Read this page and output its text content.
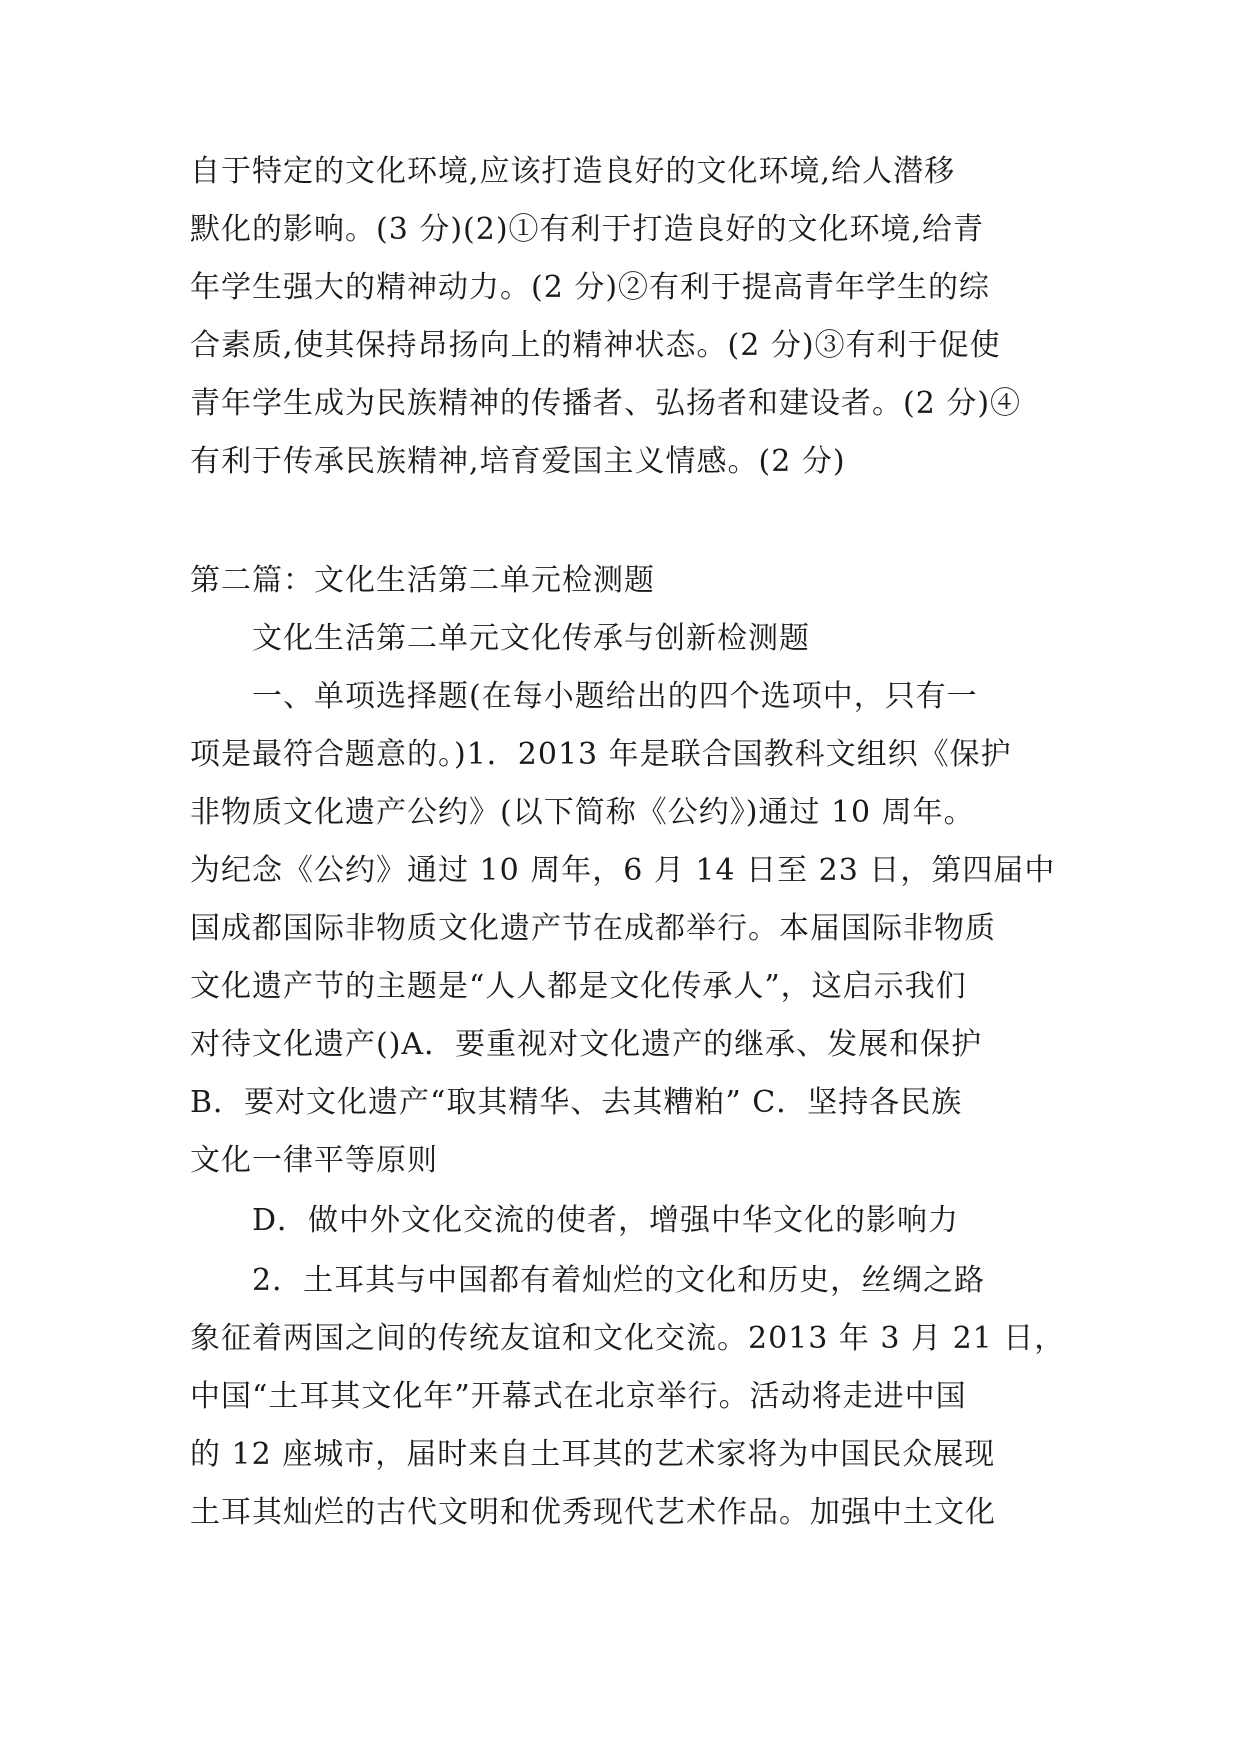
自于特定的文化环境,应该打造良好的文化环境,给人潜移
默化的影响。(3 分)(2)①有利于打造良好的文化环境,给青
年学生强大的精神动力。(2 分)②有利于提高青年学生的综
合素质,使其保持昂扬向上的精神状态。(2 分)③有利于促使
青年学生成为民族精神的传播者、弘扬者和建设者。(2 分)④
有利于传承民族精神,培育爱国主义情感。(2 分)
第二篇：文化生活第二单元检测题
文化生活第二单元文化传承与创新检测题
一、单项选择题(在每小题给出的四个选项中，只有一
项是最符合题意的。)1．2013 年是联合国教科文组织《保护
非物质文化遗产公约》(以下简称《公约》)通过 10 周年。
为纪念《公约》通过 10 周年，6 月 14 日至 23 日，第四届中
国成都国际非物质文化遗产节在成都举行。本届国际非物质
文化遗产节的主题是“人人都是文化传承人”，这启示我们
对待文化遗产()A．要重视对文化遗产的继承、发展和保护
B．要对文化遗产“取其精华、去其糟粕” C．坚持各民族
文化一律平等原则
D．做中外文化交流的使者，增强中华文化的影响力
2．土耳其与中国都有着灿烂的文化和历史，丝绸之路
象征着两国之间的传统友谊和文化交流。2013 年 3 月 21 日，
中国“土耳其文化年”开幕式在北京举行。活动将走进中国
的 12 座城市，届时来自土耳其的艺术家将为中国民众展现
土耳其灿烂的古代文明和优秀现代艺术作品。加强中土文化
